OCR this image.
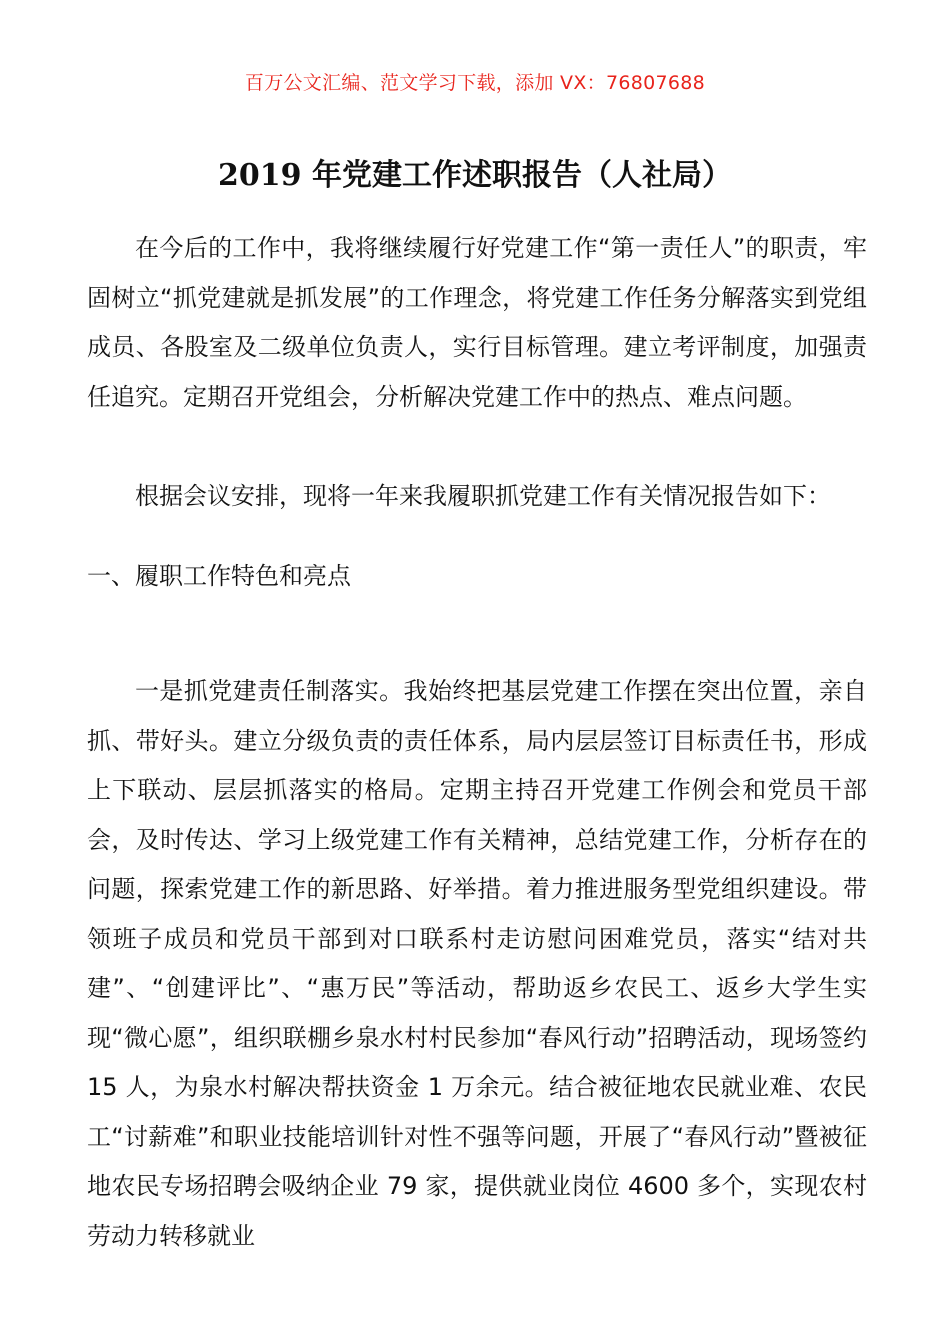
百万公文汇编、范文学习下载，添加 VX：76807688
2019 年党建工作述职报告（人社局）

在今后的工作中，我将继续履行好党建工作“第一责任人”的职责，牢固树立“抓党建就是抓发展”的工作理念，将党建工作任务分解落实到党组成员、各股室及二级单位负责人，实行目标管理。建立考评制度，加强责任追究。定期召开党组会，分析解决党建工作中的热点、难点问题。

根据会议安排，现将一年来我履职抓党建工作有关情况报告如下：

一、履职工作特色和亮点

一是抓党建责任制落实。我始终把基层党建工作摆在突出位置，亲自抓、带好头。建立分级负责的责任体系，局内层层签订目标责任书，形成上下联动、层层抓落实的格局。定期主持召开党建工作例会和党员干部会，及时传达、学习上级党建工作有关精神，总结党建工作，分析存在的问题，探索党建工作的新思路、好举措。着力推进服务型党组织建设。带领班子成员和党员干部到对口联系村走访慰问困难党员，落实“结对共建”、“创建评比”、“惠万民”等活动，帮助返乡农民工、返乡大学生实现“微心愿”，组织联棚乡泉水村村民参加“春风行动”招聘活动，现场签约 15 人，为泉水村解决帮扶资金 1 万余元。结合被征地农民就业难、农民工“讨薪难”和职业技能培训针对性不强等问题，开展了“春风行动”暨被征地农民专场招聘会吸纳企业 79 家，提供就业岗位 4600 多个，实现农村劳动力转移就业
